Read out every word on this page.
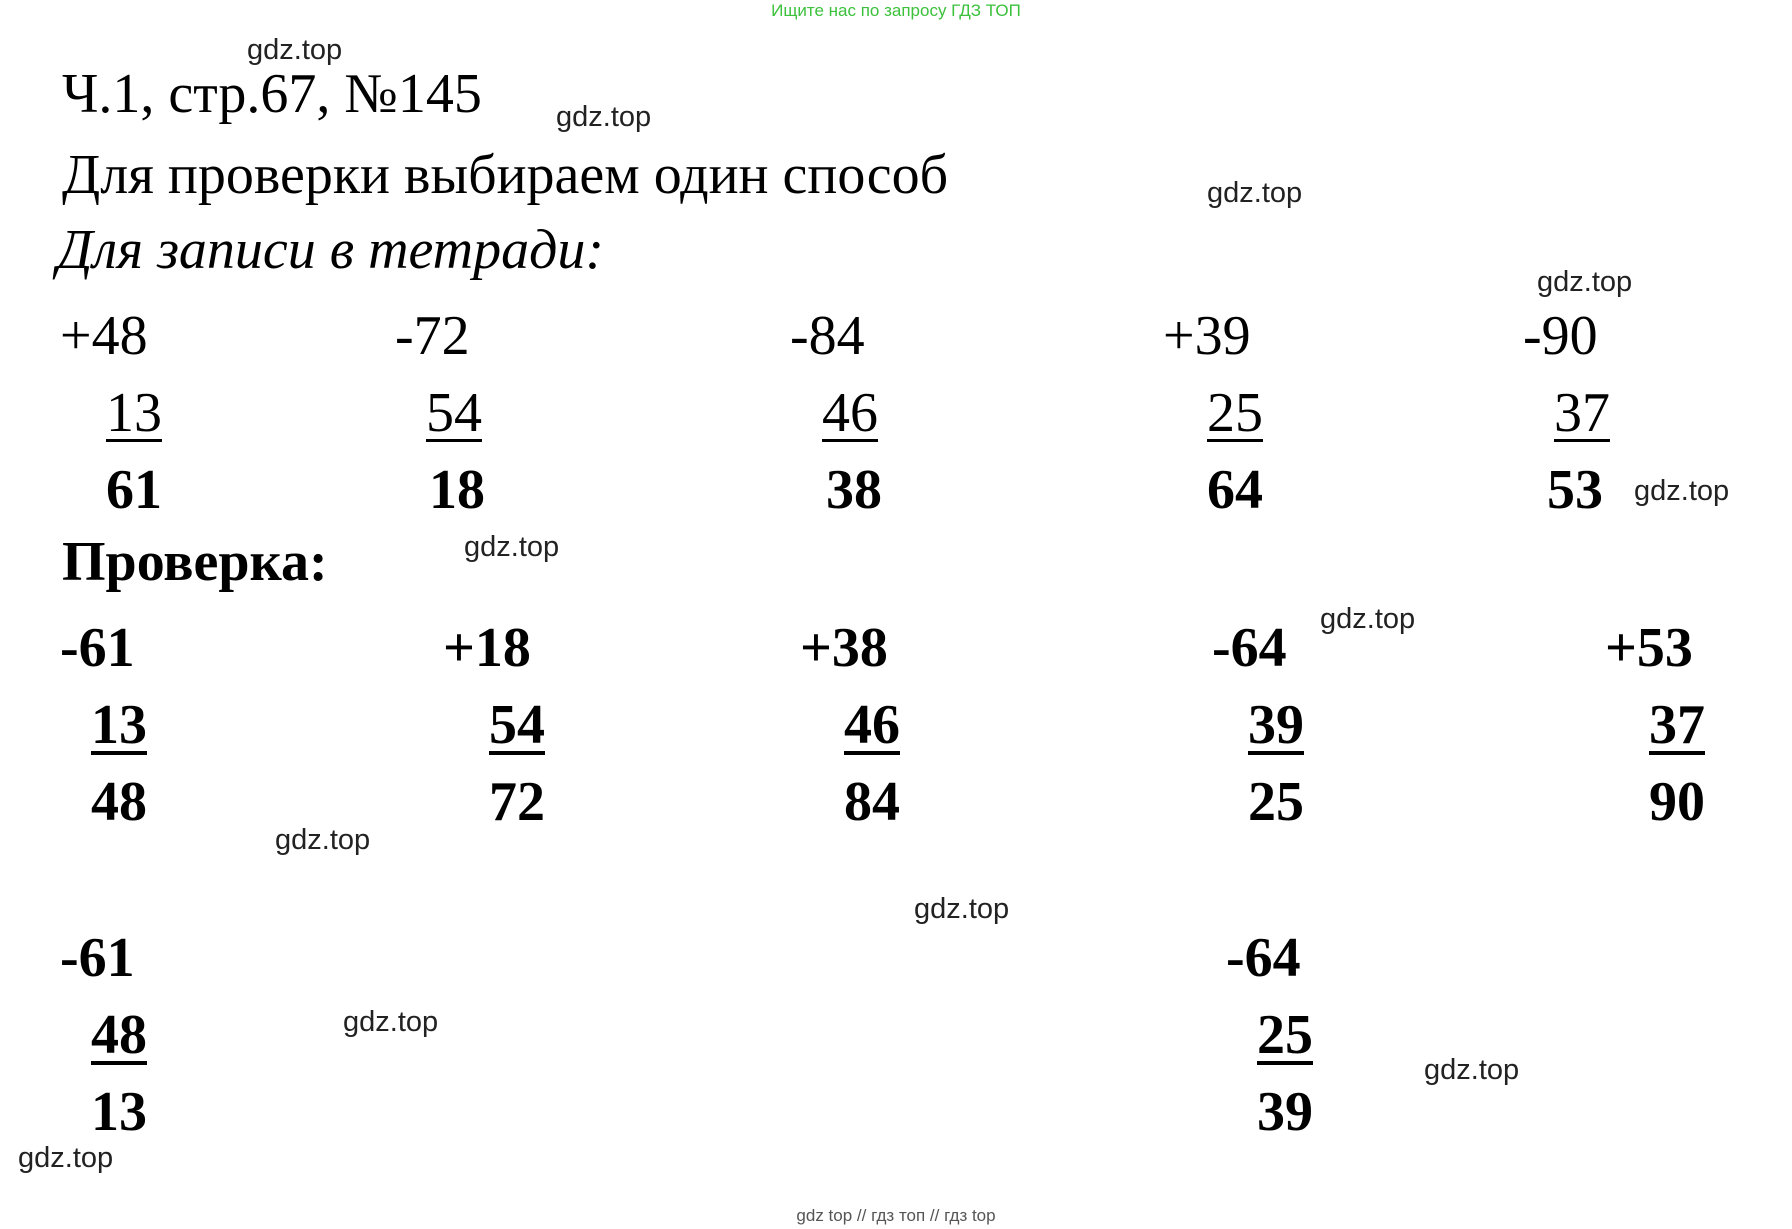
Ищите нас по запросу ГДЗ ТОП
Ч.1, стр.67, №145
Для проверки выбираем один способ
Для записи в тетради:
+48
13
61
-72
54
18
-84
46
38
+39
25
64
-90
37
53
Проверка:
-61
13
48
+18
54
72
+38
46
84
-64
39
25
+53
37
90
-61
48
13
-64
25
39
gdz.top
gdz.top
gdz.top
gdz.top
gdz.top
gdz.top
gdz.top
gdz.top
gdz.top
gdz.top
gdz.top
gdz.top
gdz top // гдз топ // гдз top
